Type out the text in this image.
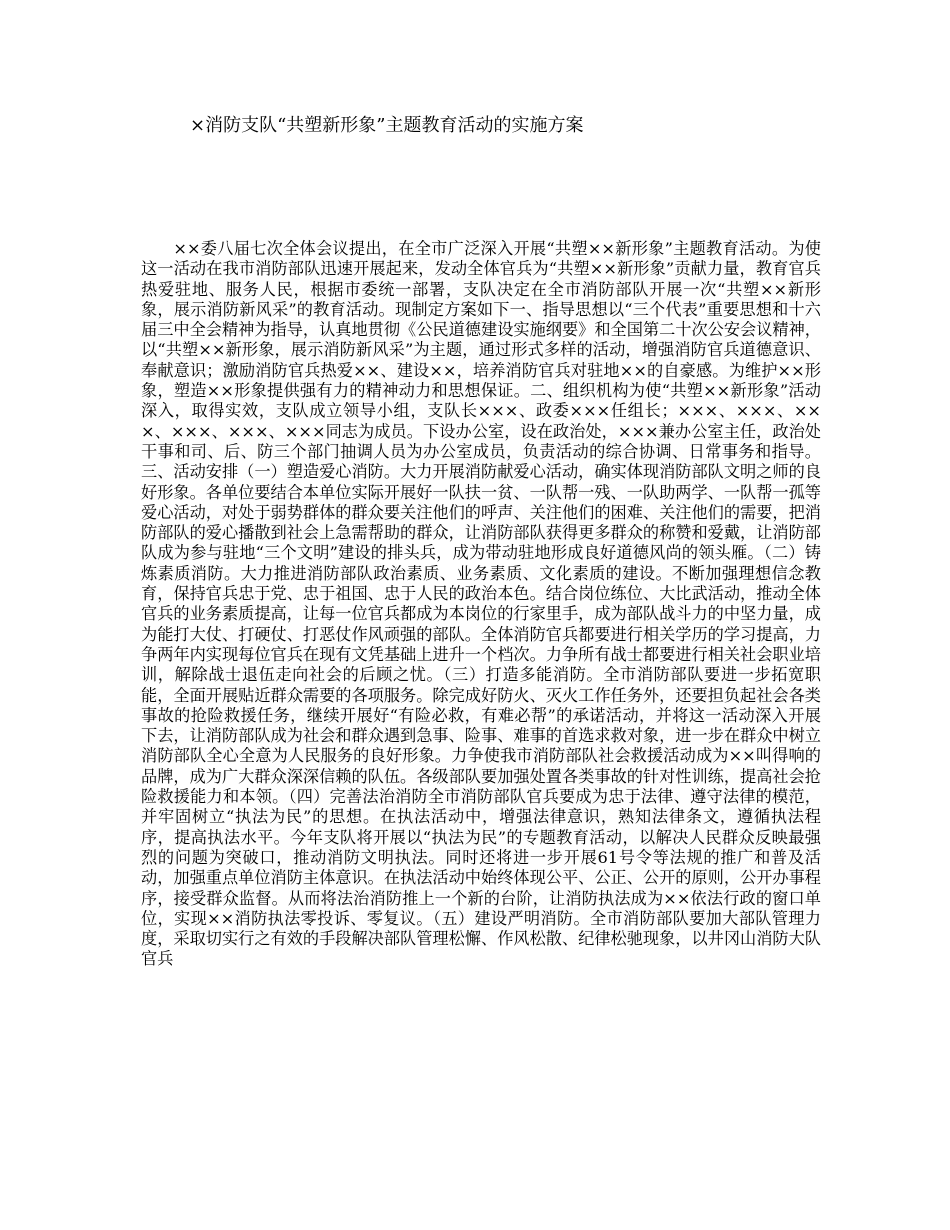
×消防支队“共塑新形象”主题教育活动的实施方案

××委八届七次全体会议提出，在全市广泛深入开展“共塑××新形象”主题教育活动。为使这一活动在我市消防部队迅速开展起来，发动全体官兵为“共塑××新形象”贡献力量，教育官兵热爱驻地、服务人民，根据市委统一部署，支队决定在全市消防部队开展一次“共塑××新形象，展示消防新风采”的教育活动。现制定方案如下一、指导思想以“三个代表”重要思想和十六届三中全会精神为指导，认真地贯彻《公民道德建设实施纲要》和全国第二十次公安会议精神，以“共塑××新形象，展示消防新风采”为主题，通过形式多样的活动，增强消防官兵道德意识、奉献意识；激励消防官兵热爱××、建设××，培养消防官兵对驻地××的自豪感。为维护××形象，塑造××形象提供强有力的精神动力和思想保证。二、组织机构为使“共塑××新形象”活动深入，取得实效，支队成立领导小组，支队长×××、政委×××任组长；×××、×××、×××、×××、×××、×××同志为成员。下设办公室，设在政治处，×××兼办公室主任，政治处干事和司、后、防三个部门抽调人员为办公室成员，负责活动的综合协调、日常事务和指导。三、活动安排（一）塑造爱心消防。大力开展消防献爱心活动，确实体现消防部队文明之师的良好形象。各单位要结合本单位实际开展好一队扶一贫、一队帮一残、一队助两学、一队帮一孤等爱心活动，对处于弱势群体的群众要关注他们的呼声、关注他们的困难、关注他们的需要，把消防部队的爱心播散到社会上急需帮助的群众，让消防部队获得更多群众的称赞和爱戴，让消防部队成为参与驻地“三个文明”建设的排头兵，成为带动驻地形成良好道德风尚的领头雁。（二）铸炼素质消防。大力推进消防部队政治素质、业务素质、文化素质的建设。不断加强理想信念教育，保持官兵忠于党、忠于祖国、忠于人民的政治本色。结合岗位练位、大比武活动，推动全体官兵的业务素质提高，让每一位官兵都成为本岗位的行家里手，成为部队战斗力的中坚力量，成为能打大仗、打硬仗、打恶仗作风顽强的部队。全体消防官兵都要进行相关学历的学习提高，力争两年内实现每位官兵在现有文凭基础上进升一个档次。力争所有战士都要进行相关社会职业培训，解除战士退伍走向社会的后顾之忧。（三）打造多能消防。全市消防部队要进一步拓宽职能，全面开展贴近群众需要的各项服务。除完成好防火、灭火工作任务外，还要担负起社会各类事故的抢险救援任务，继续开展好“有险必救，有难必帮”的承诺活动，并将这一活动深入开展下去，让消防部队成为社会和群众遇到急事、险事、难事的首选求救对象，进一步在群众中树立消防部队全心全意为人民服务的良好形象。力争使我市消防部队社会救援活动成为××叫得响的品牌，成为广大群众深深信赖的队伍。各级部队要加强处置各类事故的针对性训练，提高社会抢险救援能力和本领。（四）完善法治消防全市消防部队官兵要成为忠于法律、遵守法律的模范，并牢固树立“执法为民”的思想。在执法活动中，增强法律意识，熟知法律条文，遵循执法程序，提高执法水平。今年支队将开展以“执法为民”的专题教育活动，以解决人民群众反映最强烈的问题为突破口，推动消防文明执法。同时还将进一步开展61号令等法规的推广和普及活动，加强重点单位消防主体意识。在执法活动中始终体现公平、公正、公开的原则，公开办事程序，接受群众监督。从而将法治消防推上一个新的台阶，让消防执法成为××依法行政的窗口单位，实现××消防执法零投诉、零复议。（五）建设严明消防。全市消防部队要加大部队管理力度，采取切实行之有效的手段解决部队管理松懈、作风松散、纪律松驰现象，以井冈山消防大队官兵
